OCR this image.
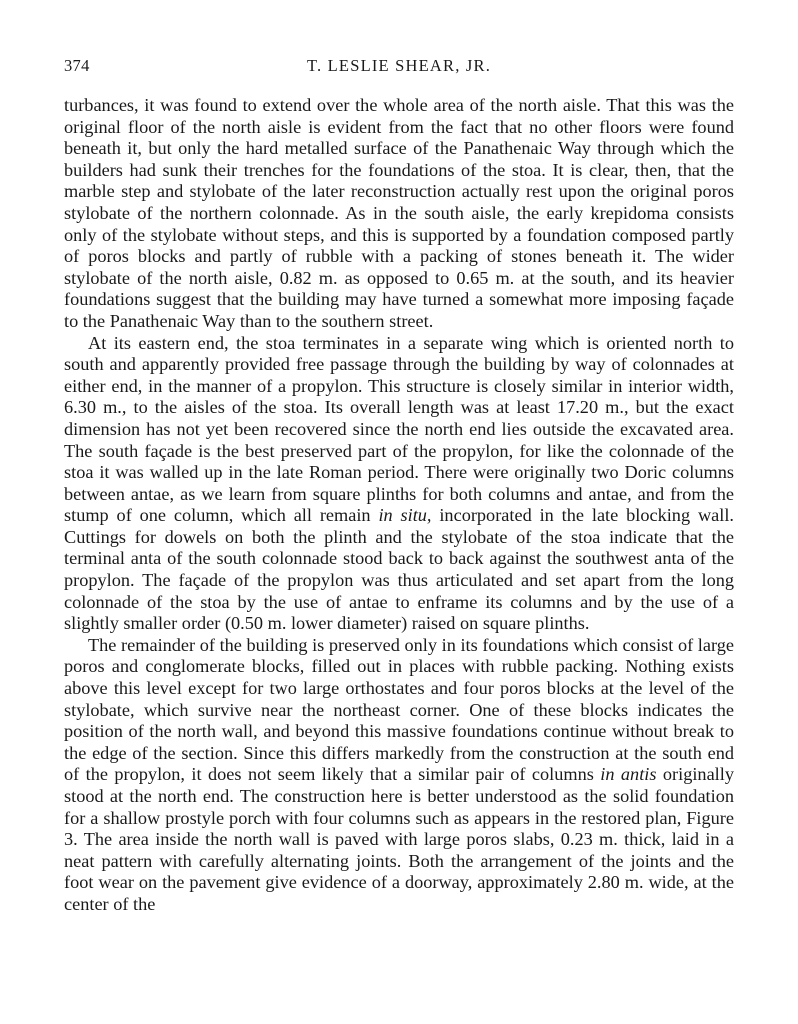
374	T. LESLIE SHEAR, JR.

turbances, it was found to extend over the whole area of the north aisle. That this was the original floor of the north aisle is evident from the fact that no other floors were found beneath it, but only the hard metalled surface of the Panathenaic Way through which the builders had sunk their trenches for the foundations of the stoa. It is clear, then, that the marble step and stylobate of the later reconstruction actually rest upon the original poros stylobate of the northern colonnade. As in the south aisle, the early krepidoma consists only of the stylobate without steps, and this is supported by a foundation composed partly of poros blocks and partly of rubble with a packing of stones beneath it. The wider stylobate of the north aisle, 0.82 m. as opposed to 0.65 m. at the south, and its heavier foundations suggest that the building may have turned a somewhat more imposing façade to the Panathenaic Way than to the southern street.

At its eastern end, the stoa terminates in a separate wing which is oriented north to south and apparently provided free passage through the building by way of colonnades at either end, in the manner of a propylon. This structure is closely similar in interior width, 6.30 m., to the aisles of the stoa. Its overall length was at least 17.20 m., but the exact dimension has not yet been recovered since the north end lies outside the excavated area. The south façade is the best preserved part of the propylon, for like the colonnade of the stoa it was walled up in the late Roman period. There were originally two Doric columns between antae, as we learn from square plinths for both columns and antae, and from the stump of one column, which all remain in situ, incorporated in the late blocking wall. Cuttings for dowels on both the plinth and the stylobate of the stoa indicate that the terminal anta of the south colonnade stood back to back against the southwest anta of the propylon. The façade of the propylon was thus articulated and set apart from the long colonnade of the stoa by the use of antae to enframe its columns and by the use of a slightly smaller order (0.50 m. lower diameter) raised on square plinths.

The remainder of the building is preserved only in its foundations which consist of large poros and conglomerate blocks, filled out in places with rubble packing. Nothing exists above this level except for two large orthostates and four poros blocks at the level of the stylobate, which survive near the northeast corner. One of these blocks indicates the position of the north wall, and beyond this massive foundations continue without break to the edge of the section. Since this differs markedly from the construction at the south end of the propylon, it does not seem likely that a similar pair of columns in antis originally stood at the north end. The construction here is better understood as the solid foundation for a shallow prostyle porch with four columns such as appears in the restored plan, Figure 3. The area inside the north wall is paved with large poros slabs, 0.23 m. thick, laid in a neat pattern with carefully alternating joints. Both the arrangement of the joints and the foot wear on the pavement give evidence of a doorway, approximately 2.80 m. wide, at the center of the
